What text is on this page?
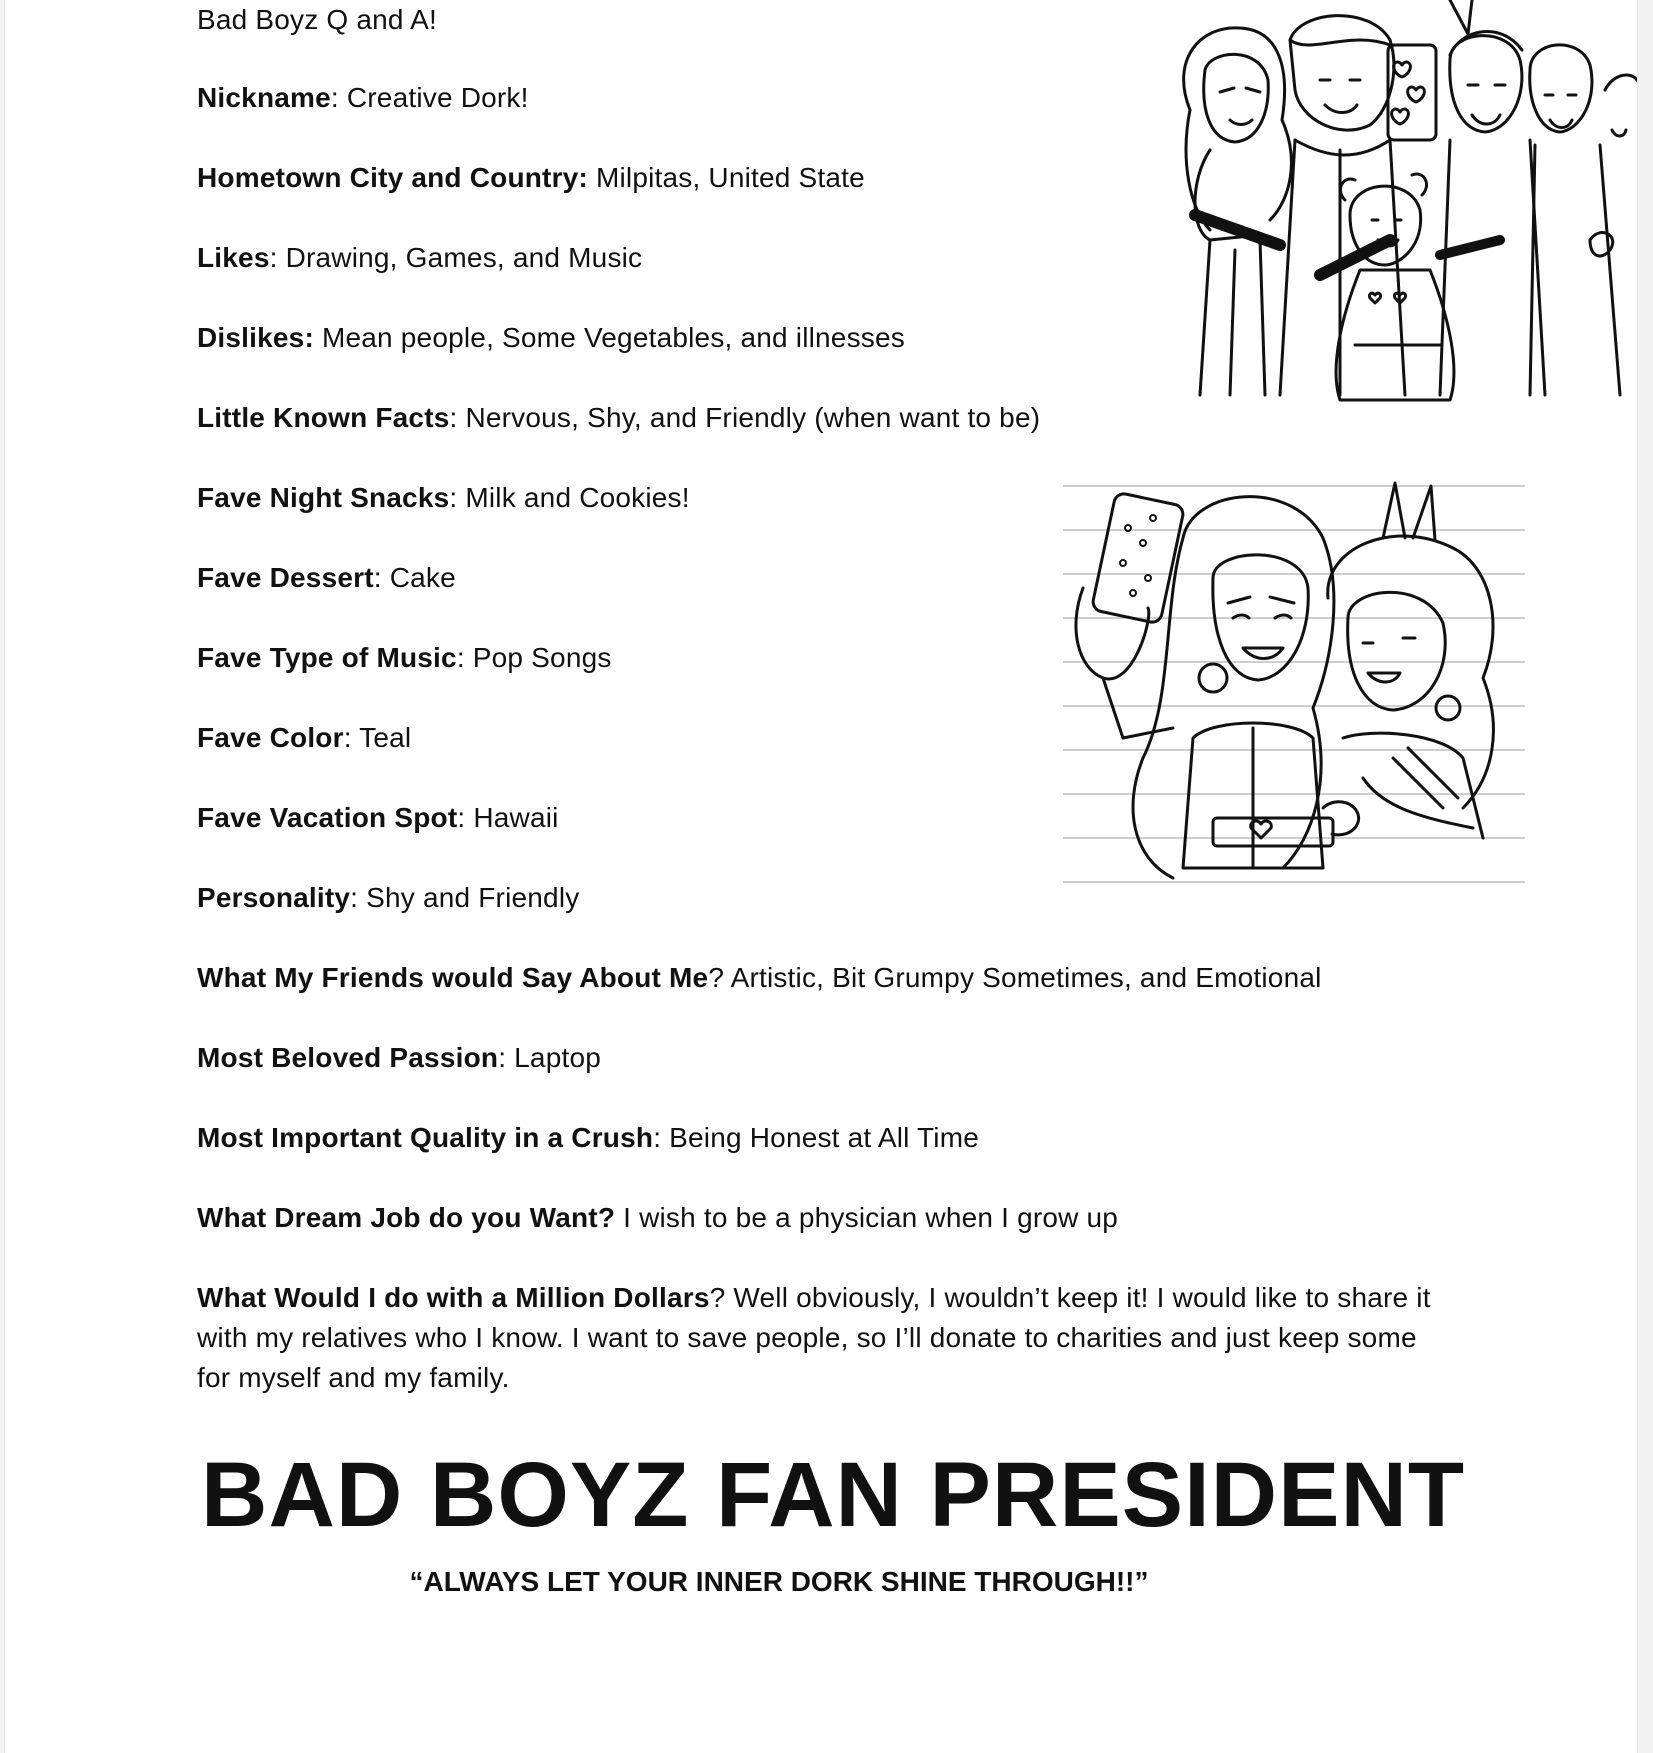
Bad Boyz Q and A!

Nickname: Creative Dork!

Hometown City and Country: Milpitas, United State

Likes: Drawing, Games, and Music

Dislikes: Mean people, Some Vegetables, and illnesses

Little Known Facts: Nervous, Shy, and Friendly (when want to be)

Fave Night Snacks: Milk and Cookies!

Fave Dessert: Cake

Fave Type of Music: Pop Songs

Fave Color: Teal

Fave Vacation Spot: Hawaii

Personality: Shy and Friendly

What My Friends would Say About Me? Artistic, Bit Grumpy Sometimes, and Emotional

Most Beloved Passion: Laptop

Most Important Quality in a Crush: Being Honest at All Time

What Dream Job do you Want? I wish to be a physician when I grow up

What Would I do with a Million Dollars? Well obviously, I wouldn’t keep it! I would like to share it with my relatives who I know. I want to save people, so I’ll donate to charities and just keep some for myself and my family.

BAD BOYZ FAN PRESIDENT

“ALWAYS LET YOUR INNER DORK SHINE THROUGH!!”
